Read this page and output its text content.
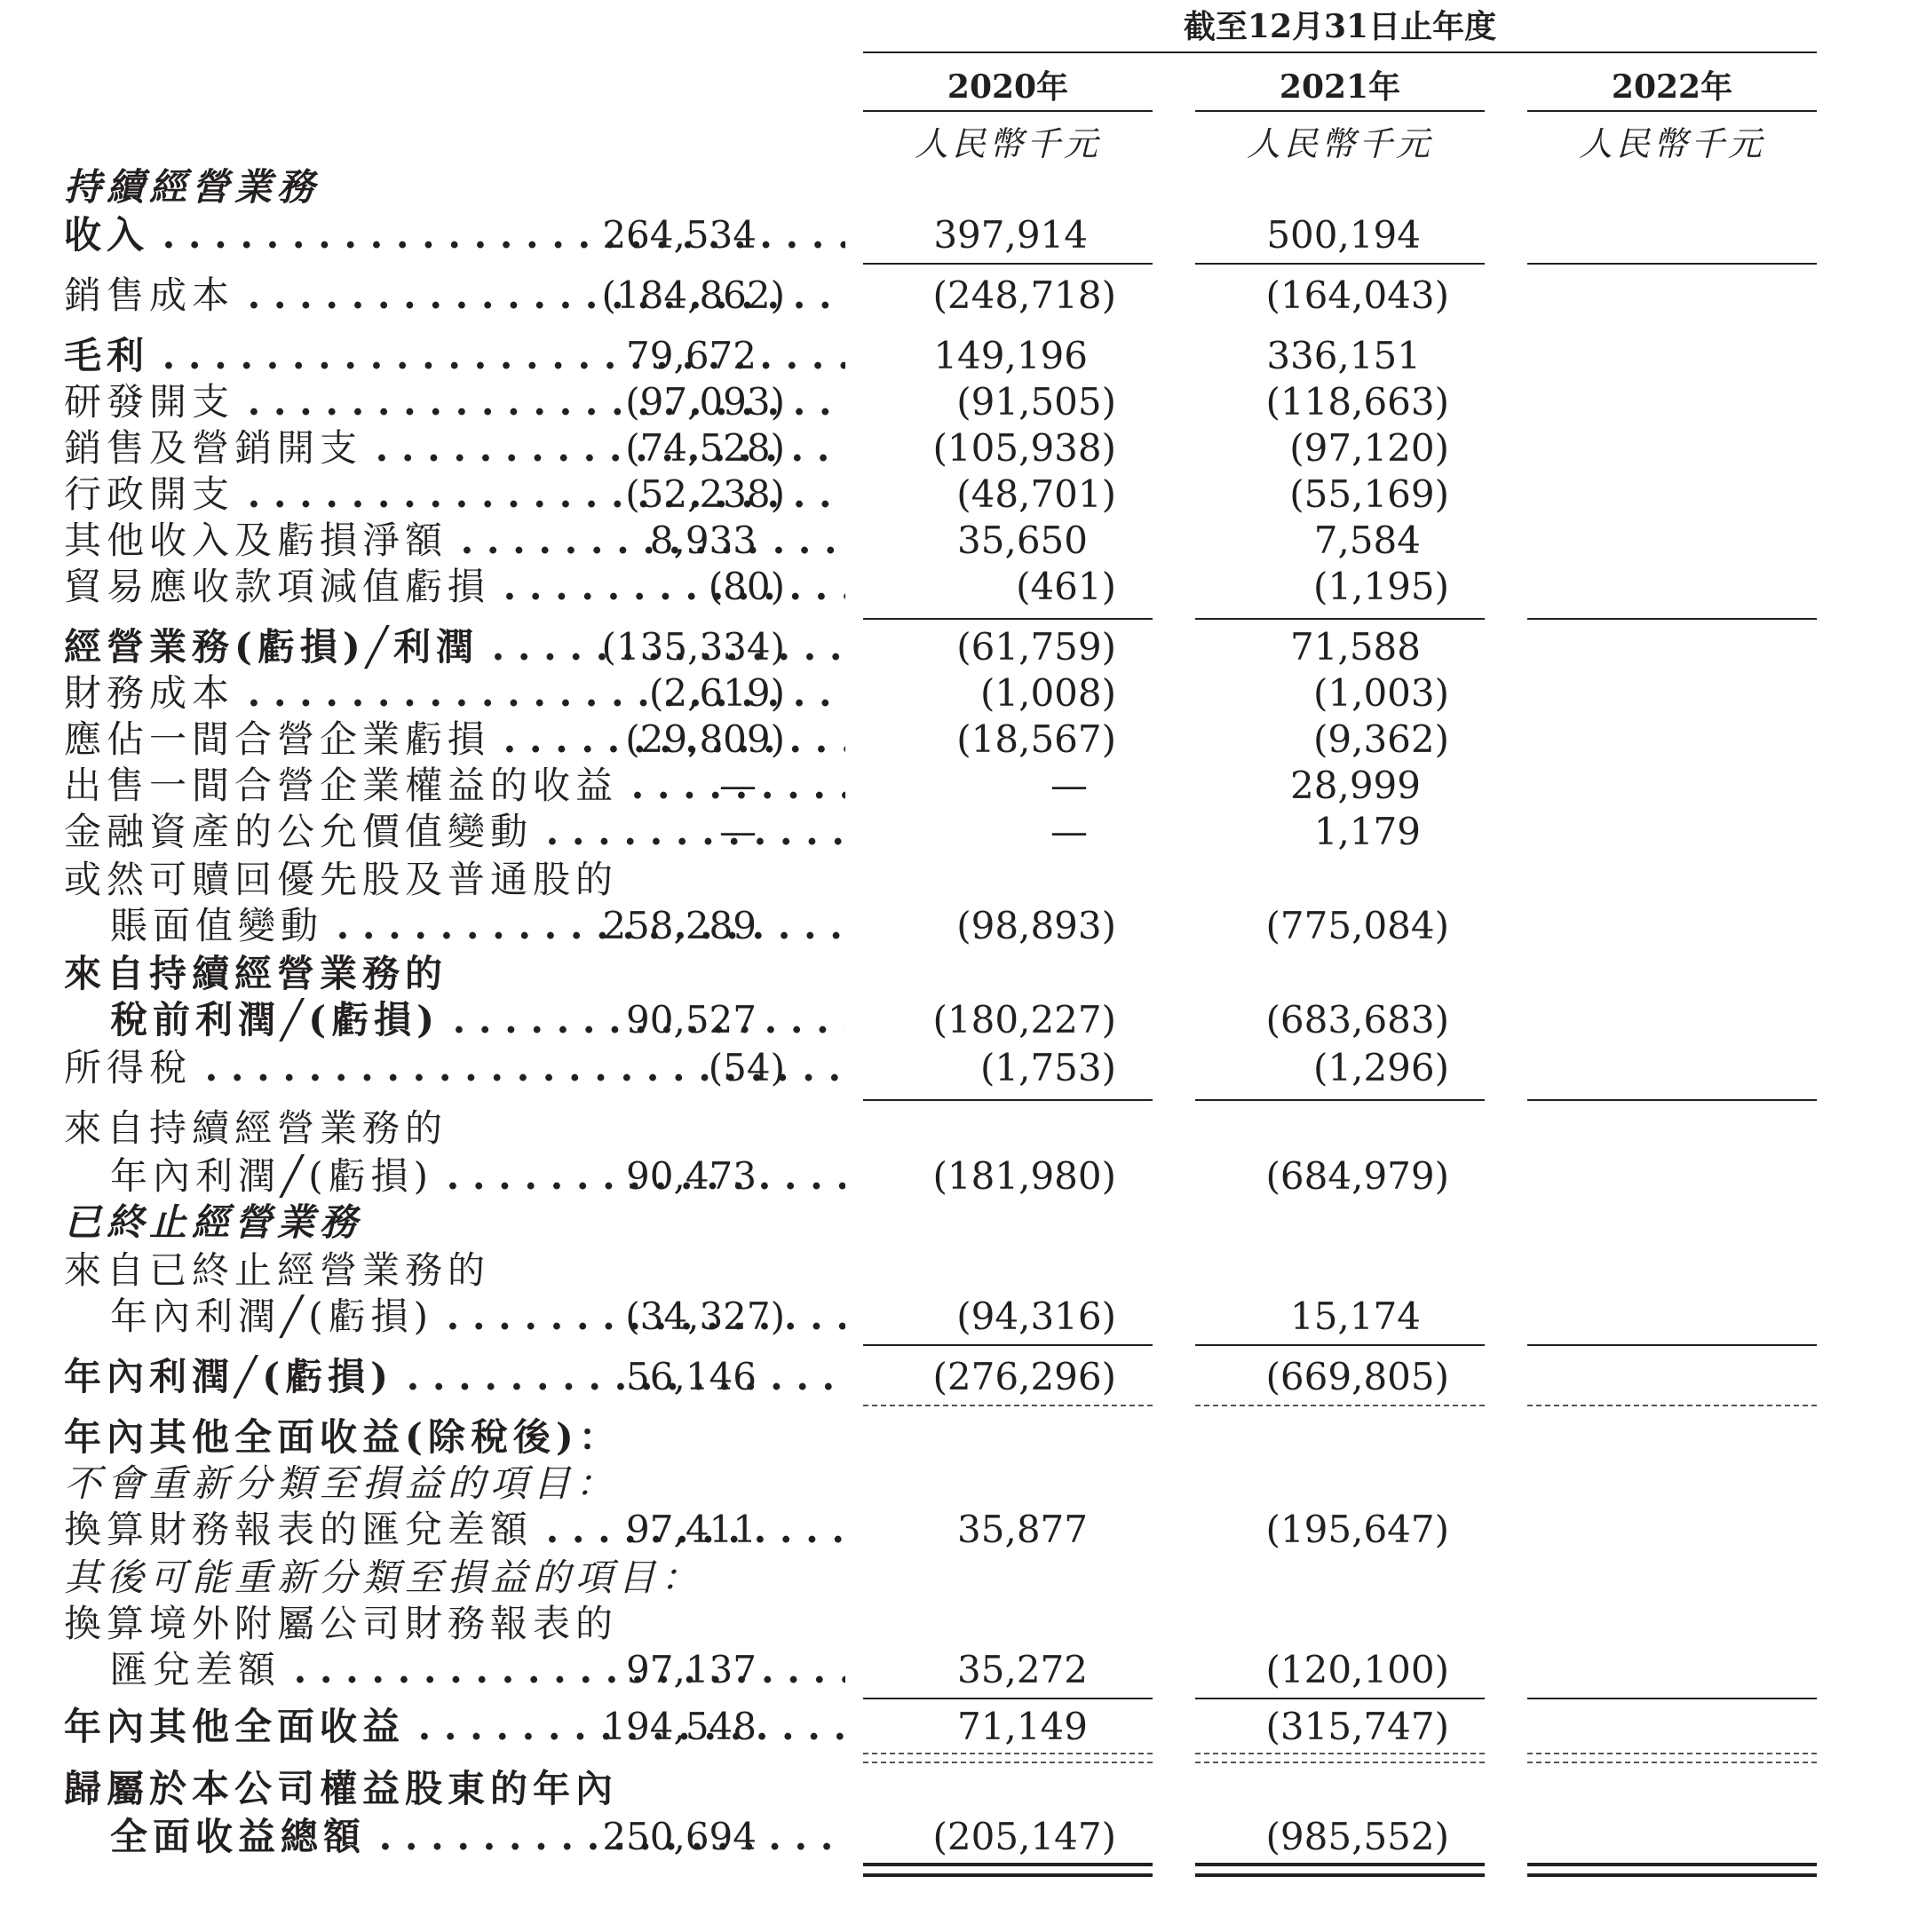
截至12月31日止年度
2020年	2021年	2022年
人民幣千元	人民幣千元	人民幣千元
持續經營業務
收入 . . .	264,534	397,914	500,194
銷售成本 . . .	(184,862)	(248,718)	(164,043)
毛利 . . .	79,672	149,196	336,151
研發開支 . . .	(97,093)	(91,505)	(118,663)
銷售及營銷開支 . . .	(74,528)	(105,938)	(97,120)
行政開支 . . .	(52,238)	(48,701)	(55,169)
其他收入及虧損淨額 . . .	8,933	35,650	7,584
貿易應收款項減值虧損 . . .	(80)	(461)	(1,195)
經營業務(虧損)╱利潤 . . .	(135,334)	(61,759)	71,588
財務成本 . . .	(2,619)	(1,008)	(1,003)
應佔一間合營企業虧損 . . .	(29,809)	(18,567)	(9,362)
出售一間合營企業權益的收益 . . .	—	—	28,999
金融資產的公允價值變動 . . .	—	—	1,179
或然可贖回優先股及普通股的
賬面值變動 . . .	258,289	(98,893)	(775,084)
來自持續經營業務的
稅前利潤╱(虧損) . . .	90,527	(180,227)	(683,683)
所得稅 . . .	(54)	(1,753)	(1,296)
來自持續經營業務的
年內利潤╱(虧損) . . .	90,473	(181,980)	(684,979)
已終止經營業務
來自已終止經營業務的
年內利潤╱(虧損) . . .	(34,327)	(94,316)	15,174
年內利潤╱(虧損) . . .	56,146	(276,296)	(669,805)
年內其他全面收益(除稅後)：
不會重新分類至損益的項目：
換算財務報表的匯兌差額 . . .	97,411	35,877	(195,647)
其後可能重新分類至損益的項目：
換算境外附屬公司財務報表的
匯兌差額 . . .	97,137	35,272	(120,100)
年內其他全面收益 . . .	194,548	71,149	(315,747)
歸屬於本公司權益股東的年內
全面收益總額 . . .	250,694	(205,147)	(985,552)
